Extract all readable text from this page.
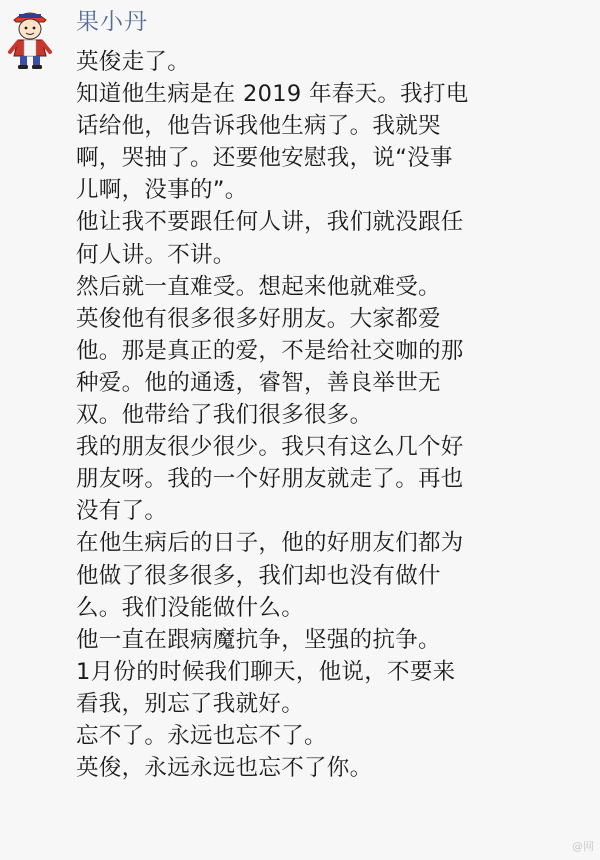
果小丹
英俊走了。
知道他生病是在 2019 年春天。我打电
话给他，他告诉我他生病了。我就哭
啊，哭抽了。还要他安慰我，说“没事
儿啊，没事的”。
他让我不要跟任何人讲，我们就没跟任
何人讲。不讲。
然后就一直难受。想起来他就难受。
英俊他有很多很多好朋友。大家都爱
他。那是真正的爱，不是给社交咖的那
种爱。他的通透，睿智，善良举世无
双。他带给了我们很多很多。
我的朋友很少很少。我只有这么几个好
朋友呀。我的一个好朋友就走了。再也
没有了。
在他生病后的日子，他的好朋友们都为
他做了很多很多，我们却也没有做什
么。我们没能做什么。
他一直在跟病魔抗争，坚强的抗争。
1月份的时候我们聊天，他说，不要来
看我，别忘了我就好。
忘不了。永远也忘不了。
英俊，永远永远也忘不了你。
@网
